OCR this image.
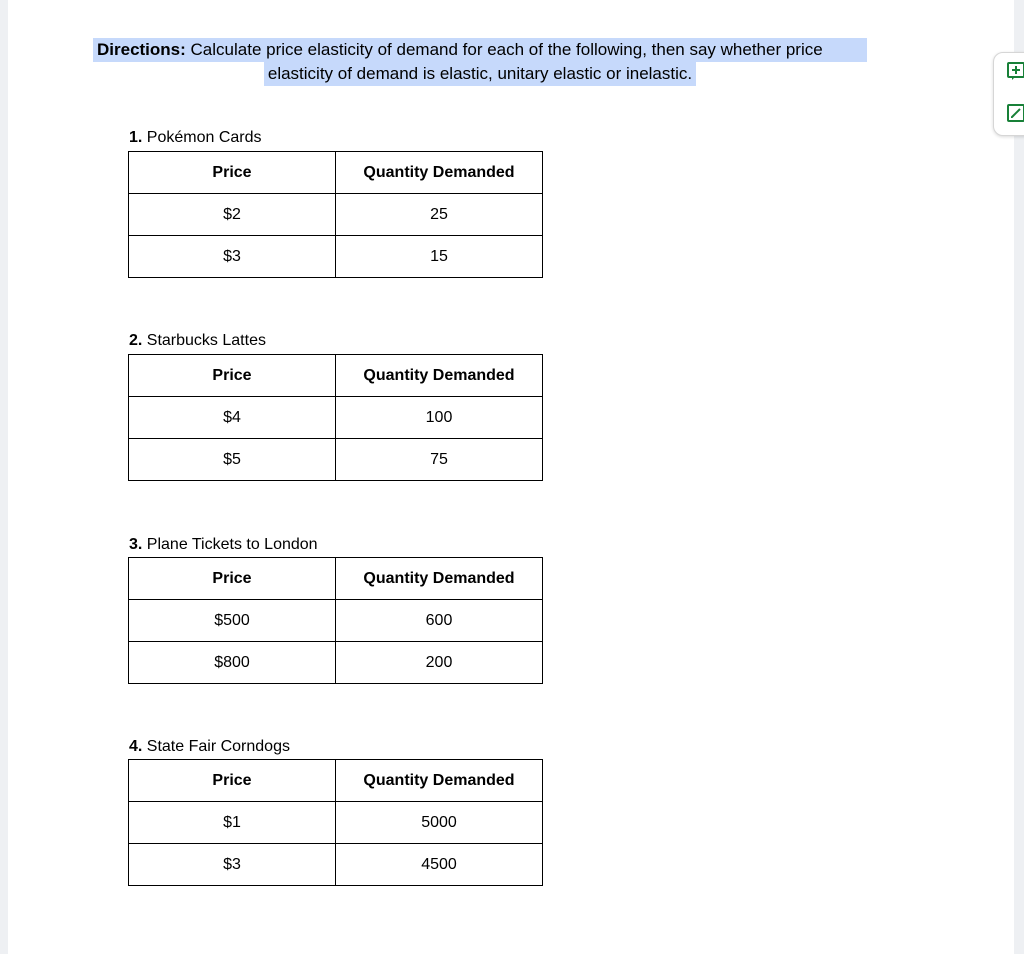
Directions: Calculate price elasticity of demand for each of the following, then say whether price
elasticity of demand is elastic, unitary elastic or inelastic.
1. Pokémon Cards
Price	Quantity Demanded
$2	25
$3	15
2. Starbucks Lattes
Price	Quantity Demanded
$4	100
$5	75
3. Plane Tickets to London
Price	Quantity Demanded
$500	600
$800	200
4. State Fair Corndogs
Price	Quantity Demanded
$1	5000
$3	4500
